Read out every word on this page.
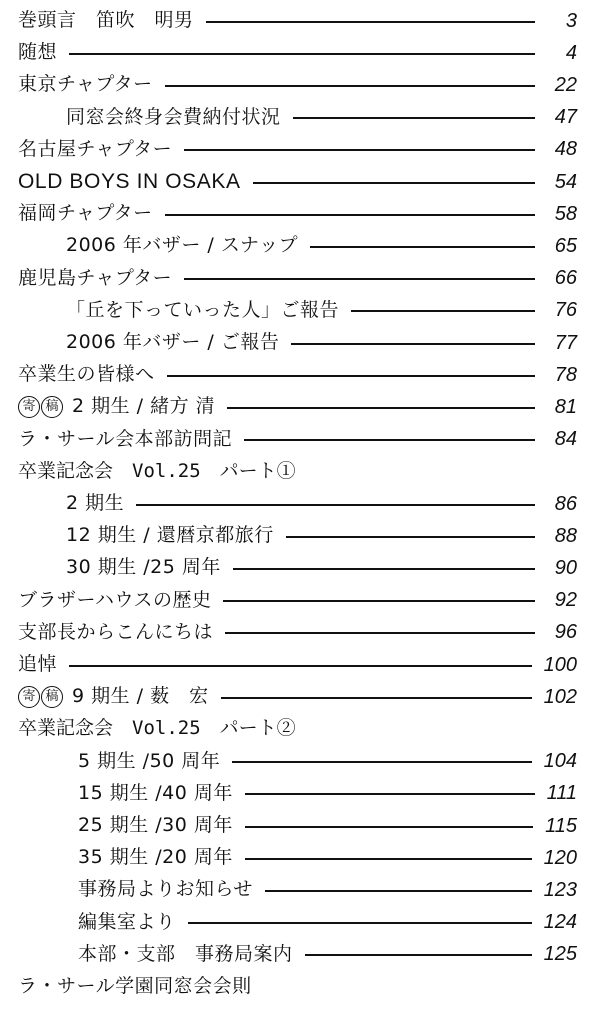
巻頭言　笛吹　明男	3
随想	4
東京チャプター	22
同窓会終身会費納付状況	47
名古屋チャプター	48
OLD BOYS IN OSAKA	54
福岡チャプター	58
2006 年バザー / スナップ	65
鹿児島チャプター	66
「丘を下っていった人」ご報告	76
2006 年バザー / ご報告	77
卒業生の皆様へ	78
寄 稿 2 期生 / 緒方 清	81
ラ・サール会本部訪問記	84
卒業記念会　Vol.25　パート①
2 期生	86
12 期生 / 還暦京都旅行	88
30 期生 /25 周年	90
ブラザーハウスの歴史	92
支部長からこんにちは	96
追悼	100
寄 稿 9 期生 / 薮　宏	102
卒業記念会　Vol.25　パート②
5 期生 /50 周年	104
15 期生 /40 周年	111
25 期生 /30 周年	115
35 期生 /20 周年	120
事務局よりお知らせ	123
編集室より	124
本部・支部　事務局案内	125
ラ・サール学園同窓会会則
